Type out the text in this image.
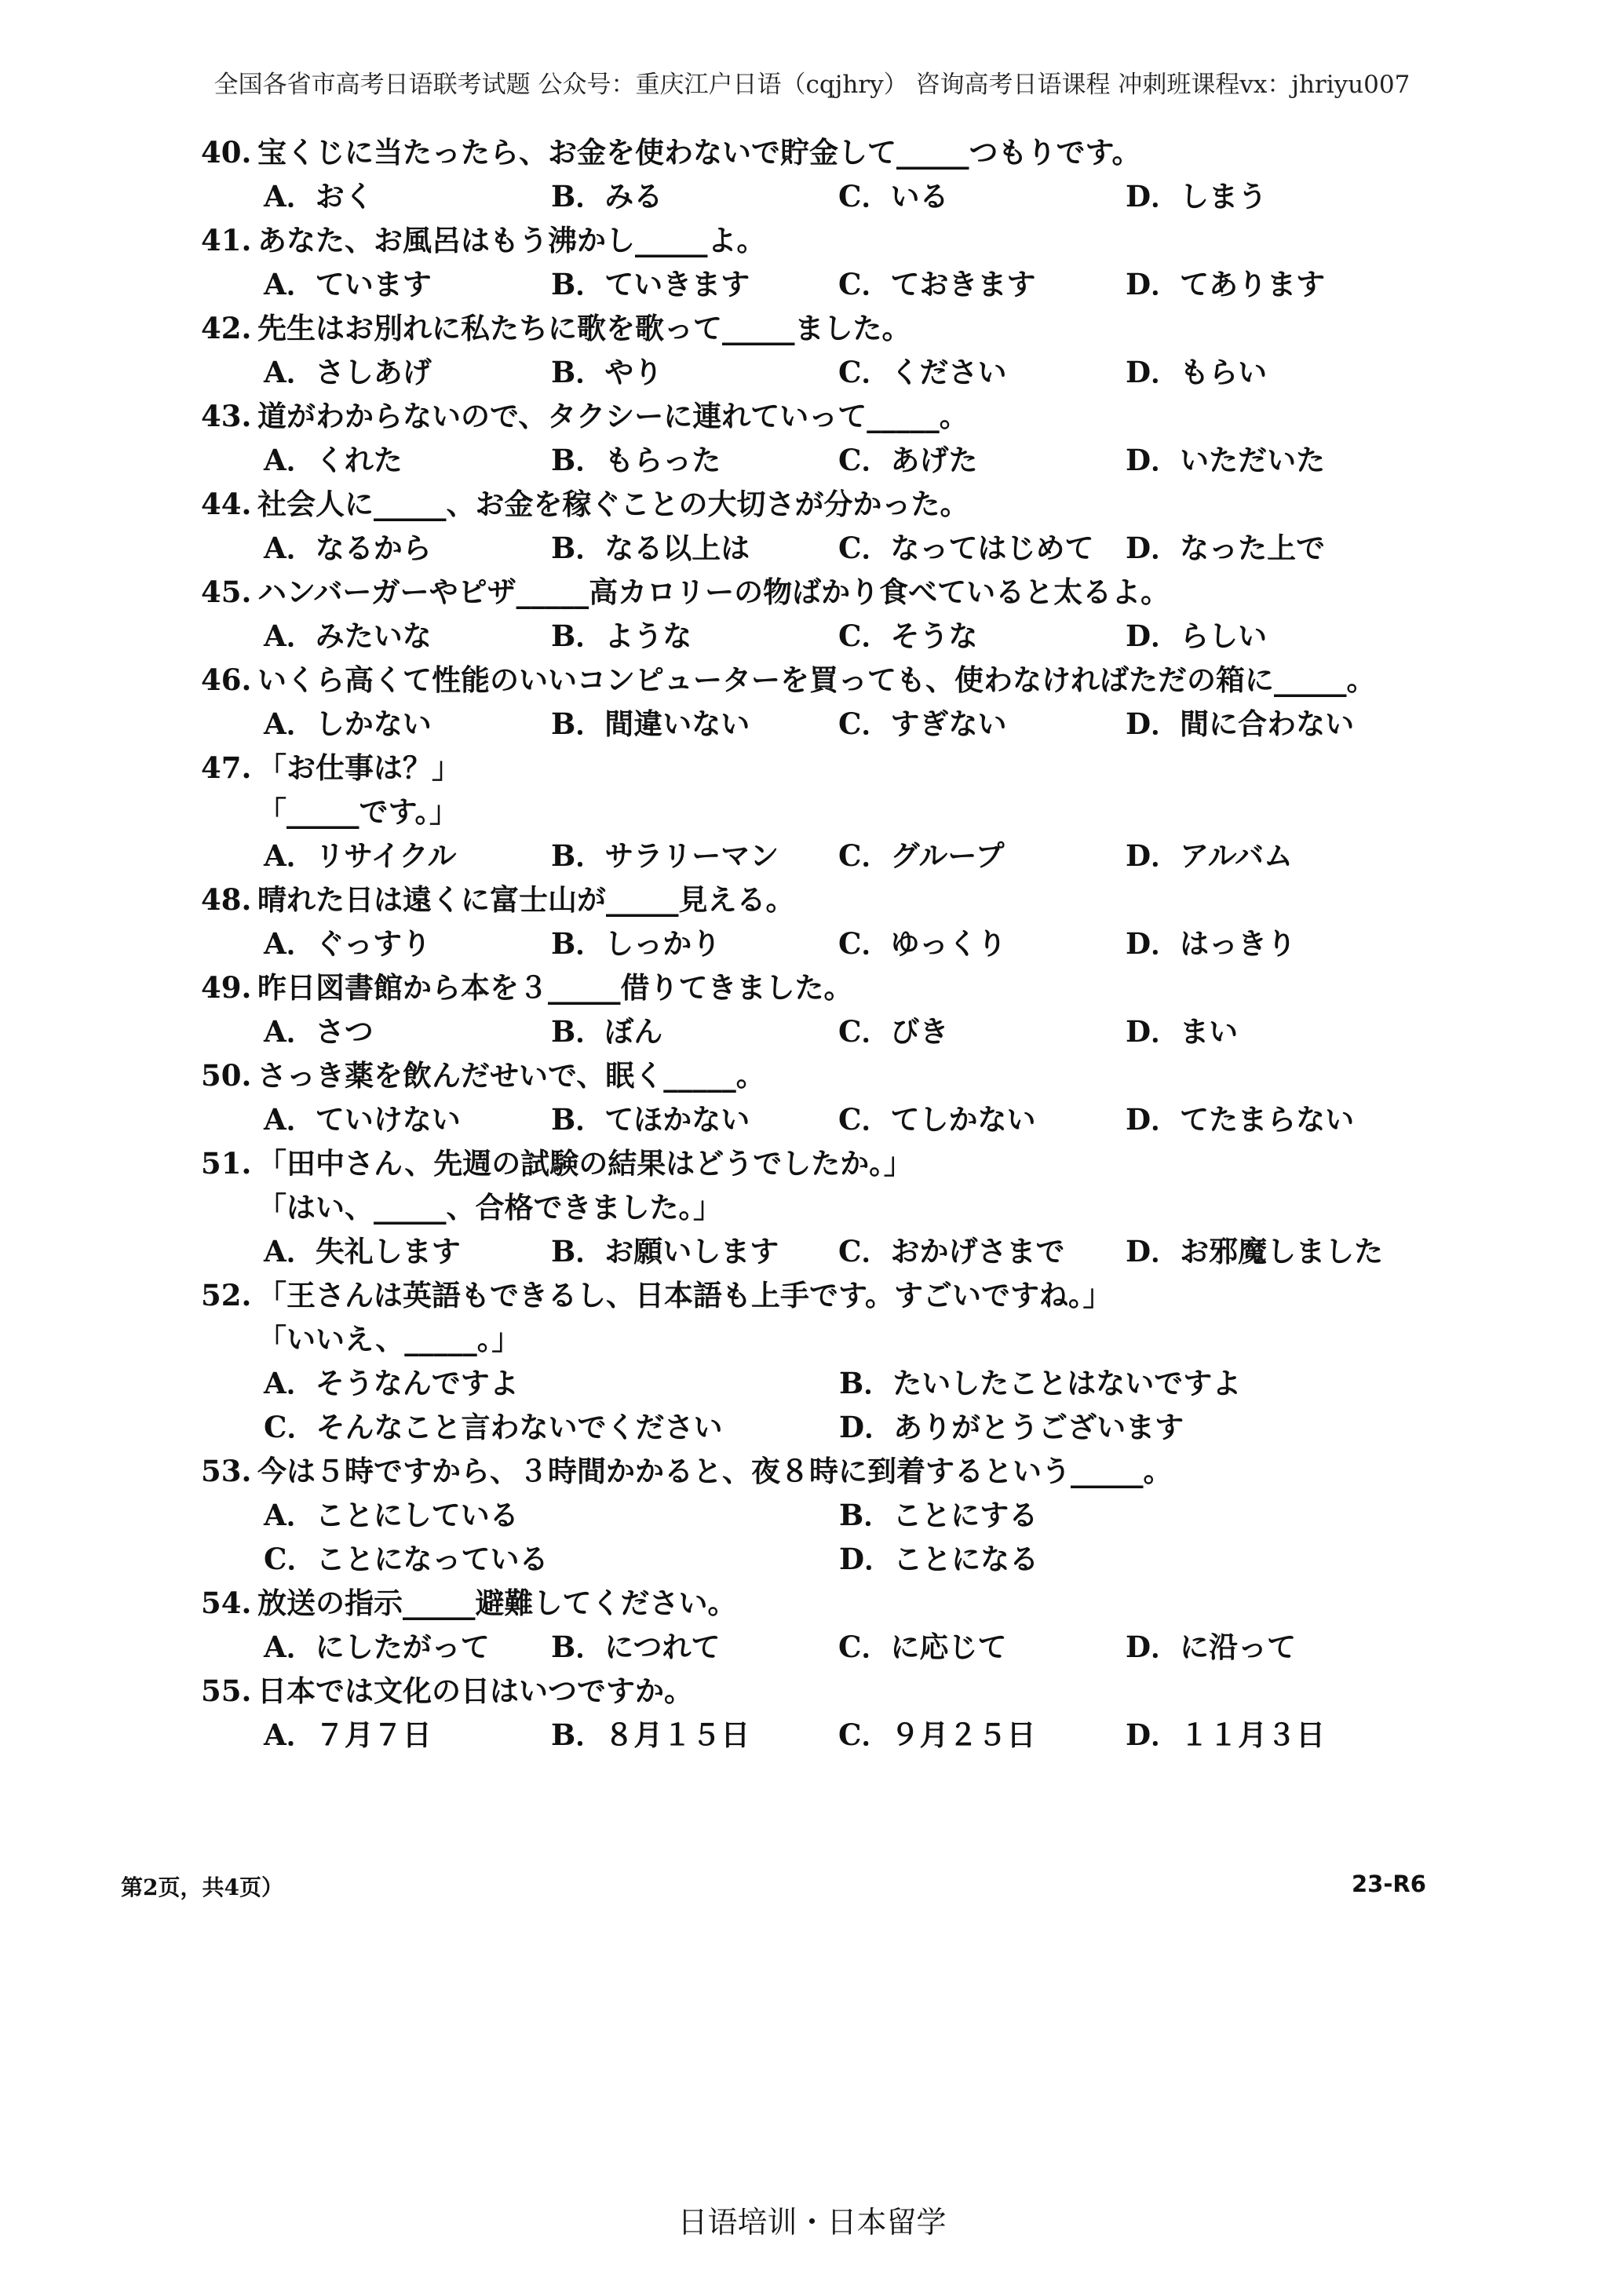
全国各省市高考日语联考试题 公众号：重庆江户日语（cqjhry） 咨询高考日语课程 冲刺班课程vx：jhriyu007
40. 宝くじに当たったら、お金を使わないで貯金して_____つもりです。
A．おく	B．みる	C．いる	D．しまう
41. あなた、お風呂はもう沸かし_____よ。
A．ています	B．ていきます	C．ておきます	D．てあります
42. 先生はお別れに私たちに歌を歌って_____ました。
A．さしあげ	B．やり	C．ください	D．もらい
43. 道がわからないので、タクシーに連れていって_____。
A．くれた	B．もらった	C．あげた	D．いただいた
44. 社会人に_____、お金を稼ぐことの大切さが分かった。
A．なるから	B．なる以上は	C．なってはじめて	D．なった上で
45. ハンバーガーやピザ_____高カロリーの物ばかり食べていると太るよ。
A．みたいな	B．ような	C．そうな	D．らしい
46. いくら高くて性能のいいコンピューターを買っても、使わなければただの箱に_____。
A．しかない	B．間違いない	C．すぎない	D．間に合わない
47. 「お仕事は？」
「_____です。」
A．リサイクル	B．サラリーマン	C．グループ	D．アルバム
48. 晴れた日は遠くに富士山が_____見える。
A．ぐっすり	B．しっかり	C．ゆっくり	D．はっきり
49. 昨日図書館から本を３_____借りてきました。
A．さつ	B．ぼん	C．びき	D．まい
50. さっき薬を飲んだせいで、眠く_____。
A．ていけない	B．てほかない	C．てしかない	D．てたまらない
51. 「田中さん、先週の試験の結果はどうでしたか。」
「はい、_____、合格できました。」
A．失礼します	B．お願いします	C．おかげさまで	D．お邪魔しました
52. 「王さんは英語もできるし、日本語も上手です。すごいですね。」
「いいえ、_____。」
A．そうなんですよ	B．たいしたことはないですよ
C．そんなこと言わないでください	D．ありがとうございます
53. 今は５時ですから、３時間かかると、夜８時に到着するという_____。
A．ことにしている	B．ことにする
C．ことになっている	D．ことになる
54. 放送の指示_____避難してください。
A．にしたがって	B．につれて	C．に応じて	D．に沿って
55. 日本では文化の日はいつですか。
A．７月７日	B．８月１５日	C．９月２５日	D．１１月３日
第2页，共4页）	23-R6
日语培训・日本留学
